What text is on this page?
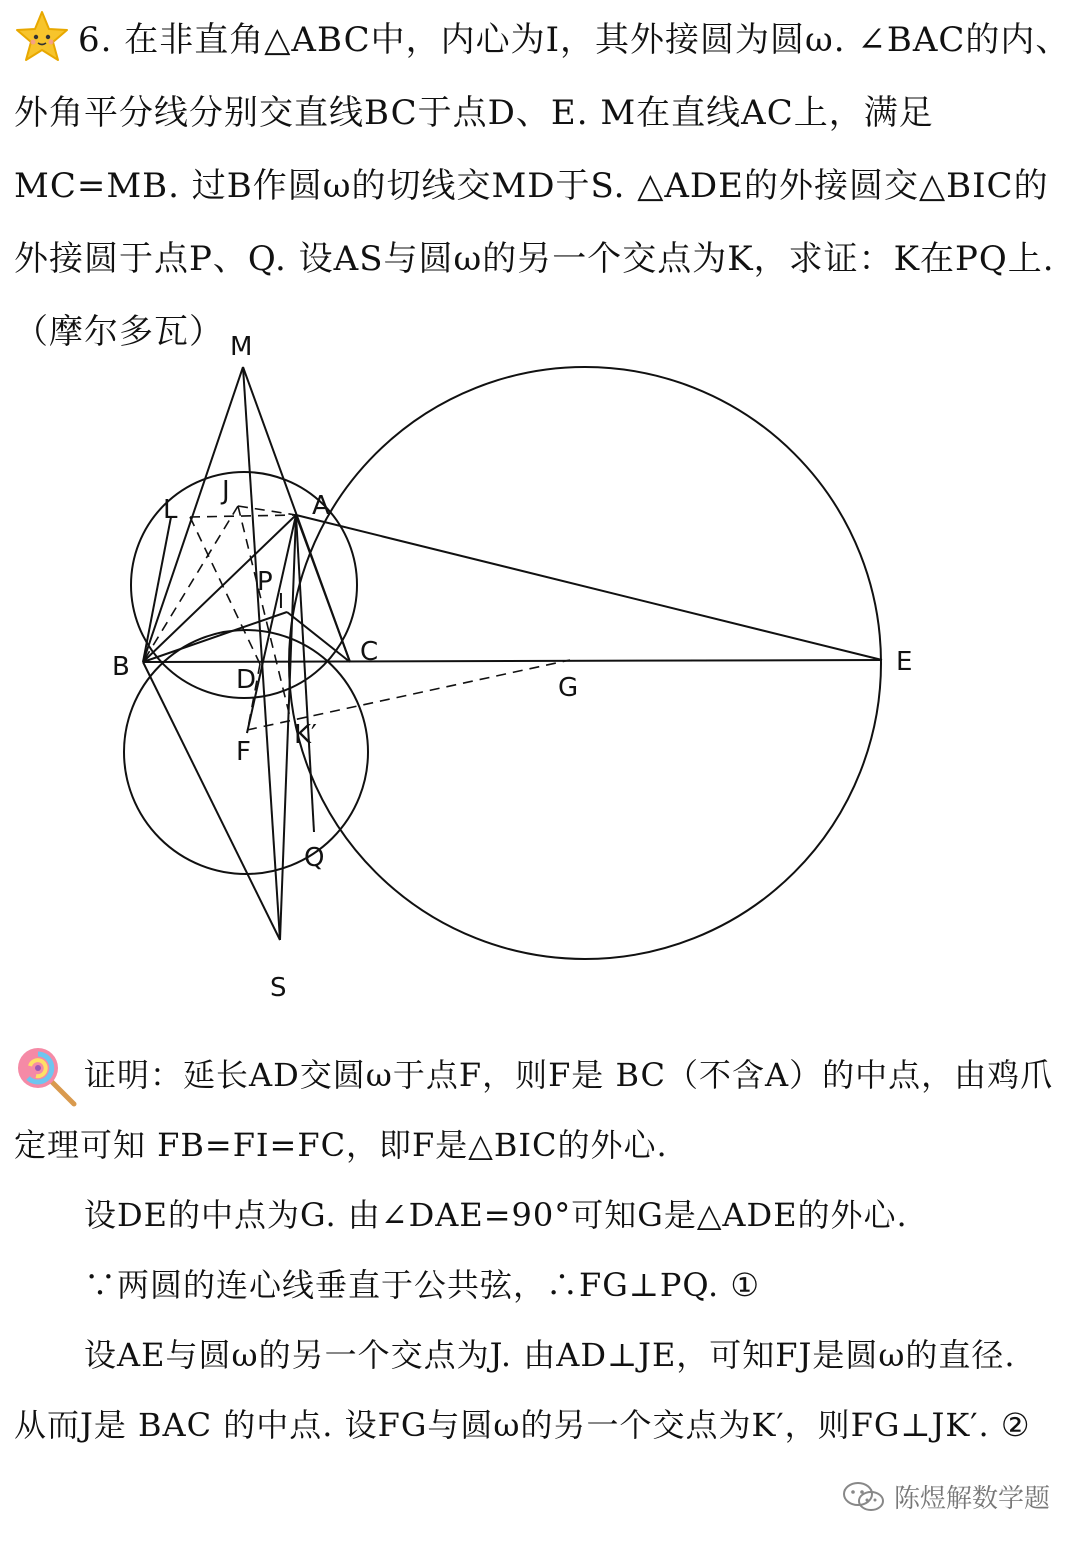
6. 在非直角△ABC中，内心为I，其外接圆为圆ω. ∠BAC的内、外角平分线分别交直线BC于点D、E. M在直线AC上，满足MC=MB. 过B作圆ω的切线交MD于S. △ADE的外接圆交△BIC的外接圆于点P、Q. 设AS与圆ω的另一个交点为K，求证：K在PQ上.（摩尔多瓦） M
J
L	A
P
I
B	C
D
E
G
F
K′
Q
S

证明：延长AD交圆ω于点F，则F是 BC（不含A）的中点，由鸡爪

定理可知 FB=FI=FC，即F是△BIC的外心.

设DE的中点为G. 由∠DAE=90°可知G是△ADE的外心.

∵两圆的连心线垂直于公共弦，∴FG⊥PQ. ①

设AE与圆ω的另一个交点为J. 由AD⊥JE，可知FJ是圆ω的直径.

从而J是 BAC 的中点. 设FG与圆ω的另一个交点为K′，则FG⊥JK′. ②

陈煜解数学题
